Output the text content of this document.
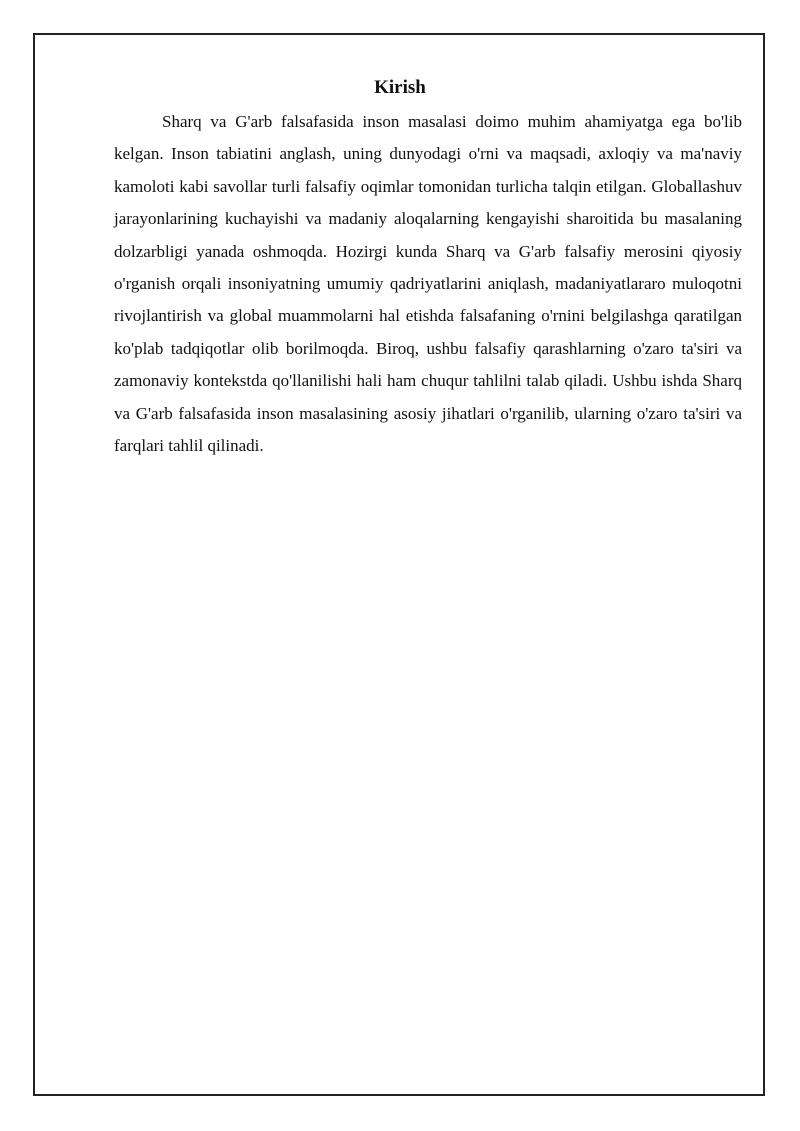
Kirish

Sharq va G'arb falsafasida inson masalasi doimo muhim ahamiyatga ega bo'lib kelgan. Inson tabiatini anglash, uning dunyodagi o'rni va maqsadi, axloqiy va ma'naviy kamoloti kabi savollar turli falsafiy oqimlar tomonidan turlicha talqin etilgan. Globallashuv jarayonlarining kuchayishi va madaniy aloqalarning kengayishi sharoitida bu masalaning dolzarbligi yanada oshmoqda. Hozirgi kunda Sharq va G'arb falsafiy merosini qiyosiy o'rganish orqali insoniyatning umumiy qadriyatlarini aniqlash, madaniyatlararo muloqotni rivojlantirish va global muammolarni hal etishda falsafaning o'rnini belgilashga qaratilgan ko'plab tadqiqotlar olib borilmoqda. Biroq, ushbu falsafiy qarashlarning o'zaro ta'siri va zamonaviy kontekstda qo'llanilishi hali ham chuqur tahlilni talab qiladi. Ushbu ishda Sharq va G'arb falsafasida inson masalasining asosiy jihatlari o'rganilib, ularning o'zaro ta'siri va farqlari tahlil qilinadi.
